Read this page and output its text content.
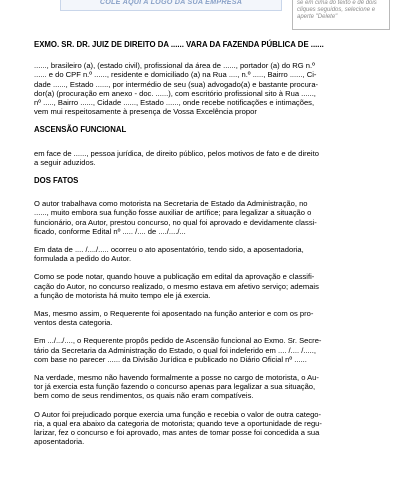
COLE AQUI A LOGO DA SUA EMPRESA	se em cima do texto e dê dois
cliques seguidos, selecione e
aperte "Delete"
EXMO. SR. DR. JUIZ DE DIREITO DA ...... VARA DA FAZENDA PÚBLICA DE ......
......, brasileiro (a), (estado civil), profissional da área de ......, portador (a) do RG n.º
...... e do CPF n.º ......, residente e domiciliado (a) na Rua ...., n.º ....., Bairro ......, Ci-
dade ......, Estado ......, por intermédio de seu (sua) advogado(a) e bastante procura-
dor(a) (procuração em anexo - doc. ......), com escritório profissional sito à Rua ......,
nº ....., Bairro ......, Cidade ......, Estado ......, onde recebe notificações e intimações,
vem mui respeitosamente à presença de Vossa Excelência propor
ASCENSÃO FUNCIONAL
em face de ......, pessoa jurídica, de direito público, pelos motivos de fato e de direito
a seguir aduzidos.
DOS FATOS
O autor trabalhava como motorista na Secretaria de Estado da Administração, no
......, muito embora sua função fosse auxiliar de artífice; para legalizar a situação o
funcionário, ora Autor, prestou concurso, no qual foi aprovado e devidamente classi-
ficado, conforme Edital nº ..... /.... de ..../..../...
Em data de .... /..../..... ocorreu o ato aposentatório, tendo sido, a aposentadoria,
formulada a pedido do Autor.
Como se pode notar, quando houve a publicação em edital da aprovação e classifi-
cação do Autor, no concurso realizado, o mesmo estava em afetivo serviço; ademais
a função de motorista há muito tempo ele já exercia.
Mas, mesmo assim, o Requerente foi aposentado na função anterior e com os pro-
ventos desta categoria.
Em .../.../...., o Requerente propôs pedido de Ascensão funcional ao Exmo. Sr. Secre-
tário da Secretaria da Administração do Estado, o qual foi indeferido em .... /.... /.....,
com base no parecer ...... da Divisão Jurídica e publicado no Diário Oficial nº ......
Na verdade, mesmo não havendo formalmente a posse no cargo de motorista, o Au-
tor já exercia esta função fazendo o concurso apenas para legalizar a sua situação,
bem como de seus rendimentos, os quais não eram compatíveis.
O Autor foi prejudicado porque exercia uma função e recebia o valor de outra catego-
ria, a qual era abaixo da categoria de motorista; quando teve a oportunidade de regu-
larizar, fez o concurso e foi aprovado, mas antes de tomar posse foi concedida a sua
aposentadoria.
